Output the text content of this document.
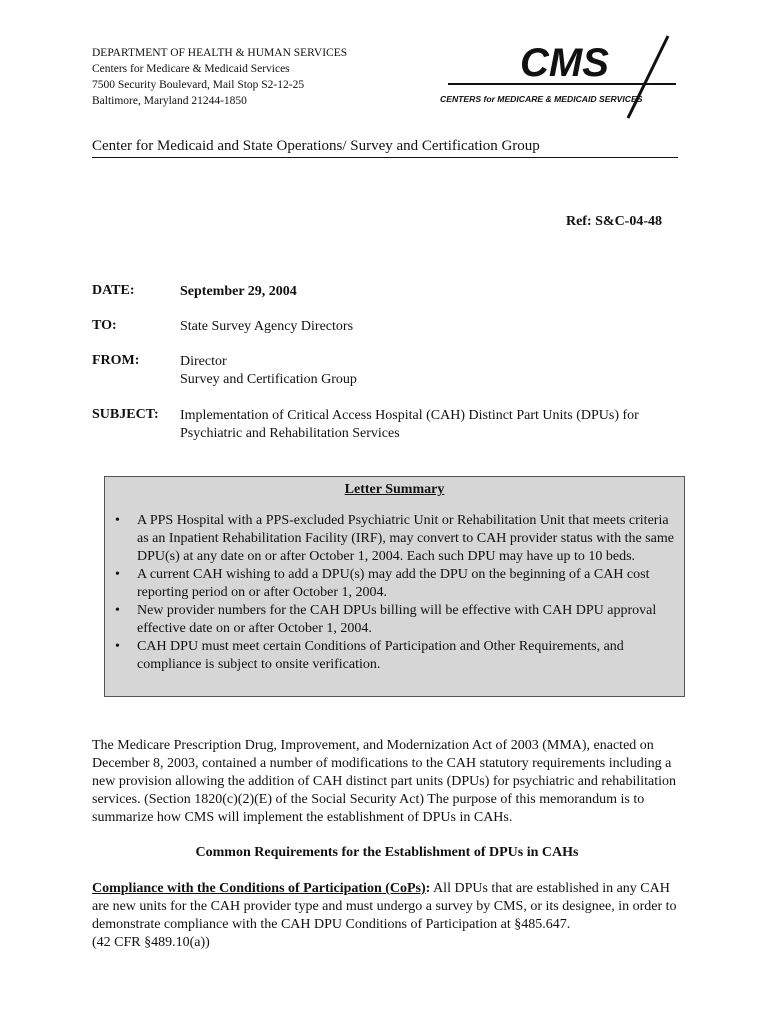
DEPARTMENT OF HEALTH & HUMAN SERVICES
Centers for Medicare & Medicaid Services
7500 Security Boulevard, Mail Stop S2-12-25
Baltimore, Maryland 21244-1850
CMS
CENTERS for MEDICARE & MEDICAID SERVICES
Center for Medicaid and State Operations/ Survey and Certification Group
Ref: S&C-04-48
DATE:	September 29, 2004
TO:	State Survey Agency Directors
FROM:	Director
Survey and Certification Group
SUBJECT: Implementation of Critical Access Hospital (CAH) Distinct Part Units (DPUs) for
Psychiatric and Rehabilitation Services
Letter Summary
• A PPS Hospital with a PPS-excluded Psychiatric Unit or Rehabilitation Unit that meets criteria as an Inpatient Rehabilitation Facility (IRF), may convert to CAH provider status with the same DPU(s) at any date on or after October 1, 2004. Each such DPU may have up to 10 beds.
• A current CAH wishing to add a DPU(s) may add the DPU on the beginning of a CAH cost reporting period on or after October 1, 2004.
• New provider numbers for the CAH DPUs billing will be effective with CAH DPU approval effective date on or after October 1, 2004.
• CAH DPU must meet certain Conditions of Participation and Other Requirements, and compliance is subject to onsite verification.
The Medicare Prescription Drug, Improvement, and Modernization Act of 2003 (MMA), enacted on December 8, 2003, contained a number of modifications to the CAH statutory requirements including a new provision allowing the addition of CAH distinct part units (DPUs) for psychiatric and rehabilitation services. (Section 1820(c)(2)(E) of the Social Security Act) The purpose of this memorandum is to summarize how CMS will implement the establishment of DPUs in CAHs.
Common Requirements for the Establishment of DPUs in CAHs
Compliance with the Conditions of Participation (CoPs): All DPUs that are established in any CAH are new units for the CAH provider type and must undergo a survey by CMS, or its designee, in order to demonstrate compliance with the CAH DPU Conditions of Participation at §485.647.
(42 CFR §489.10(a))
